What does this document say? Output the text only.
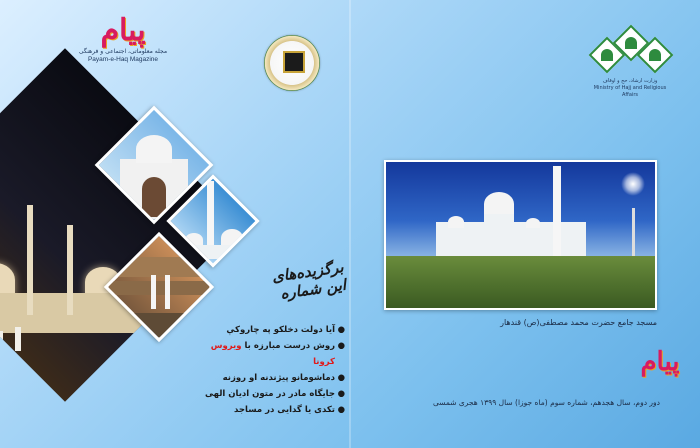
پیام
مجله معلوماتی، اجتماعی و فرهنگی
Payam-e-Haq Magazine
وزارت ارشاد، حج و اوقاف
Ministry of Hajj and Religious Affairs
برگزیده‌های این شماره
●
آیا دولت دخلکو په چاروکې
●
روش درست مبارزه با ویروس کرونا
●
دماشومانو پیژندنه او روزنه
●
جایگاه مادر در متون ادیان الهی
●
تکدی یا گدایی در مساجد
مسجد جامع حضرت محمد مصطفی(ص) قندهار
پیام
دور دوم، سال هجدهم، شماره سوم (ماه جوزا) سال ۱۳۹۹ هجری شمسی
